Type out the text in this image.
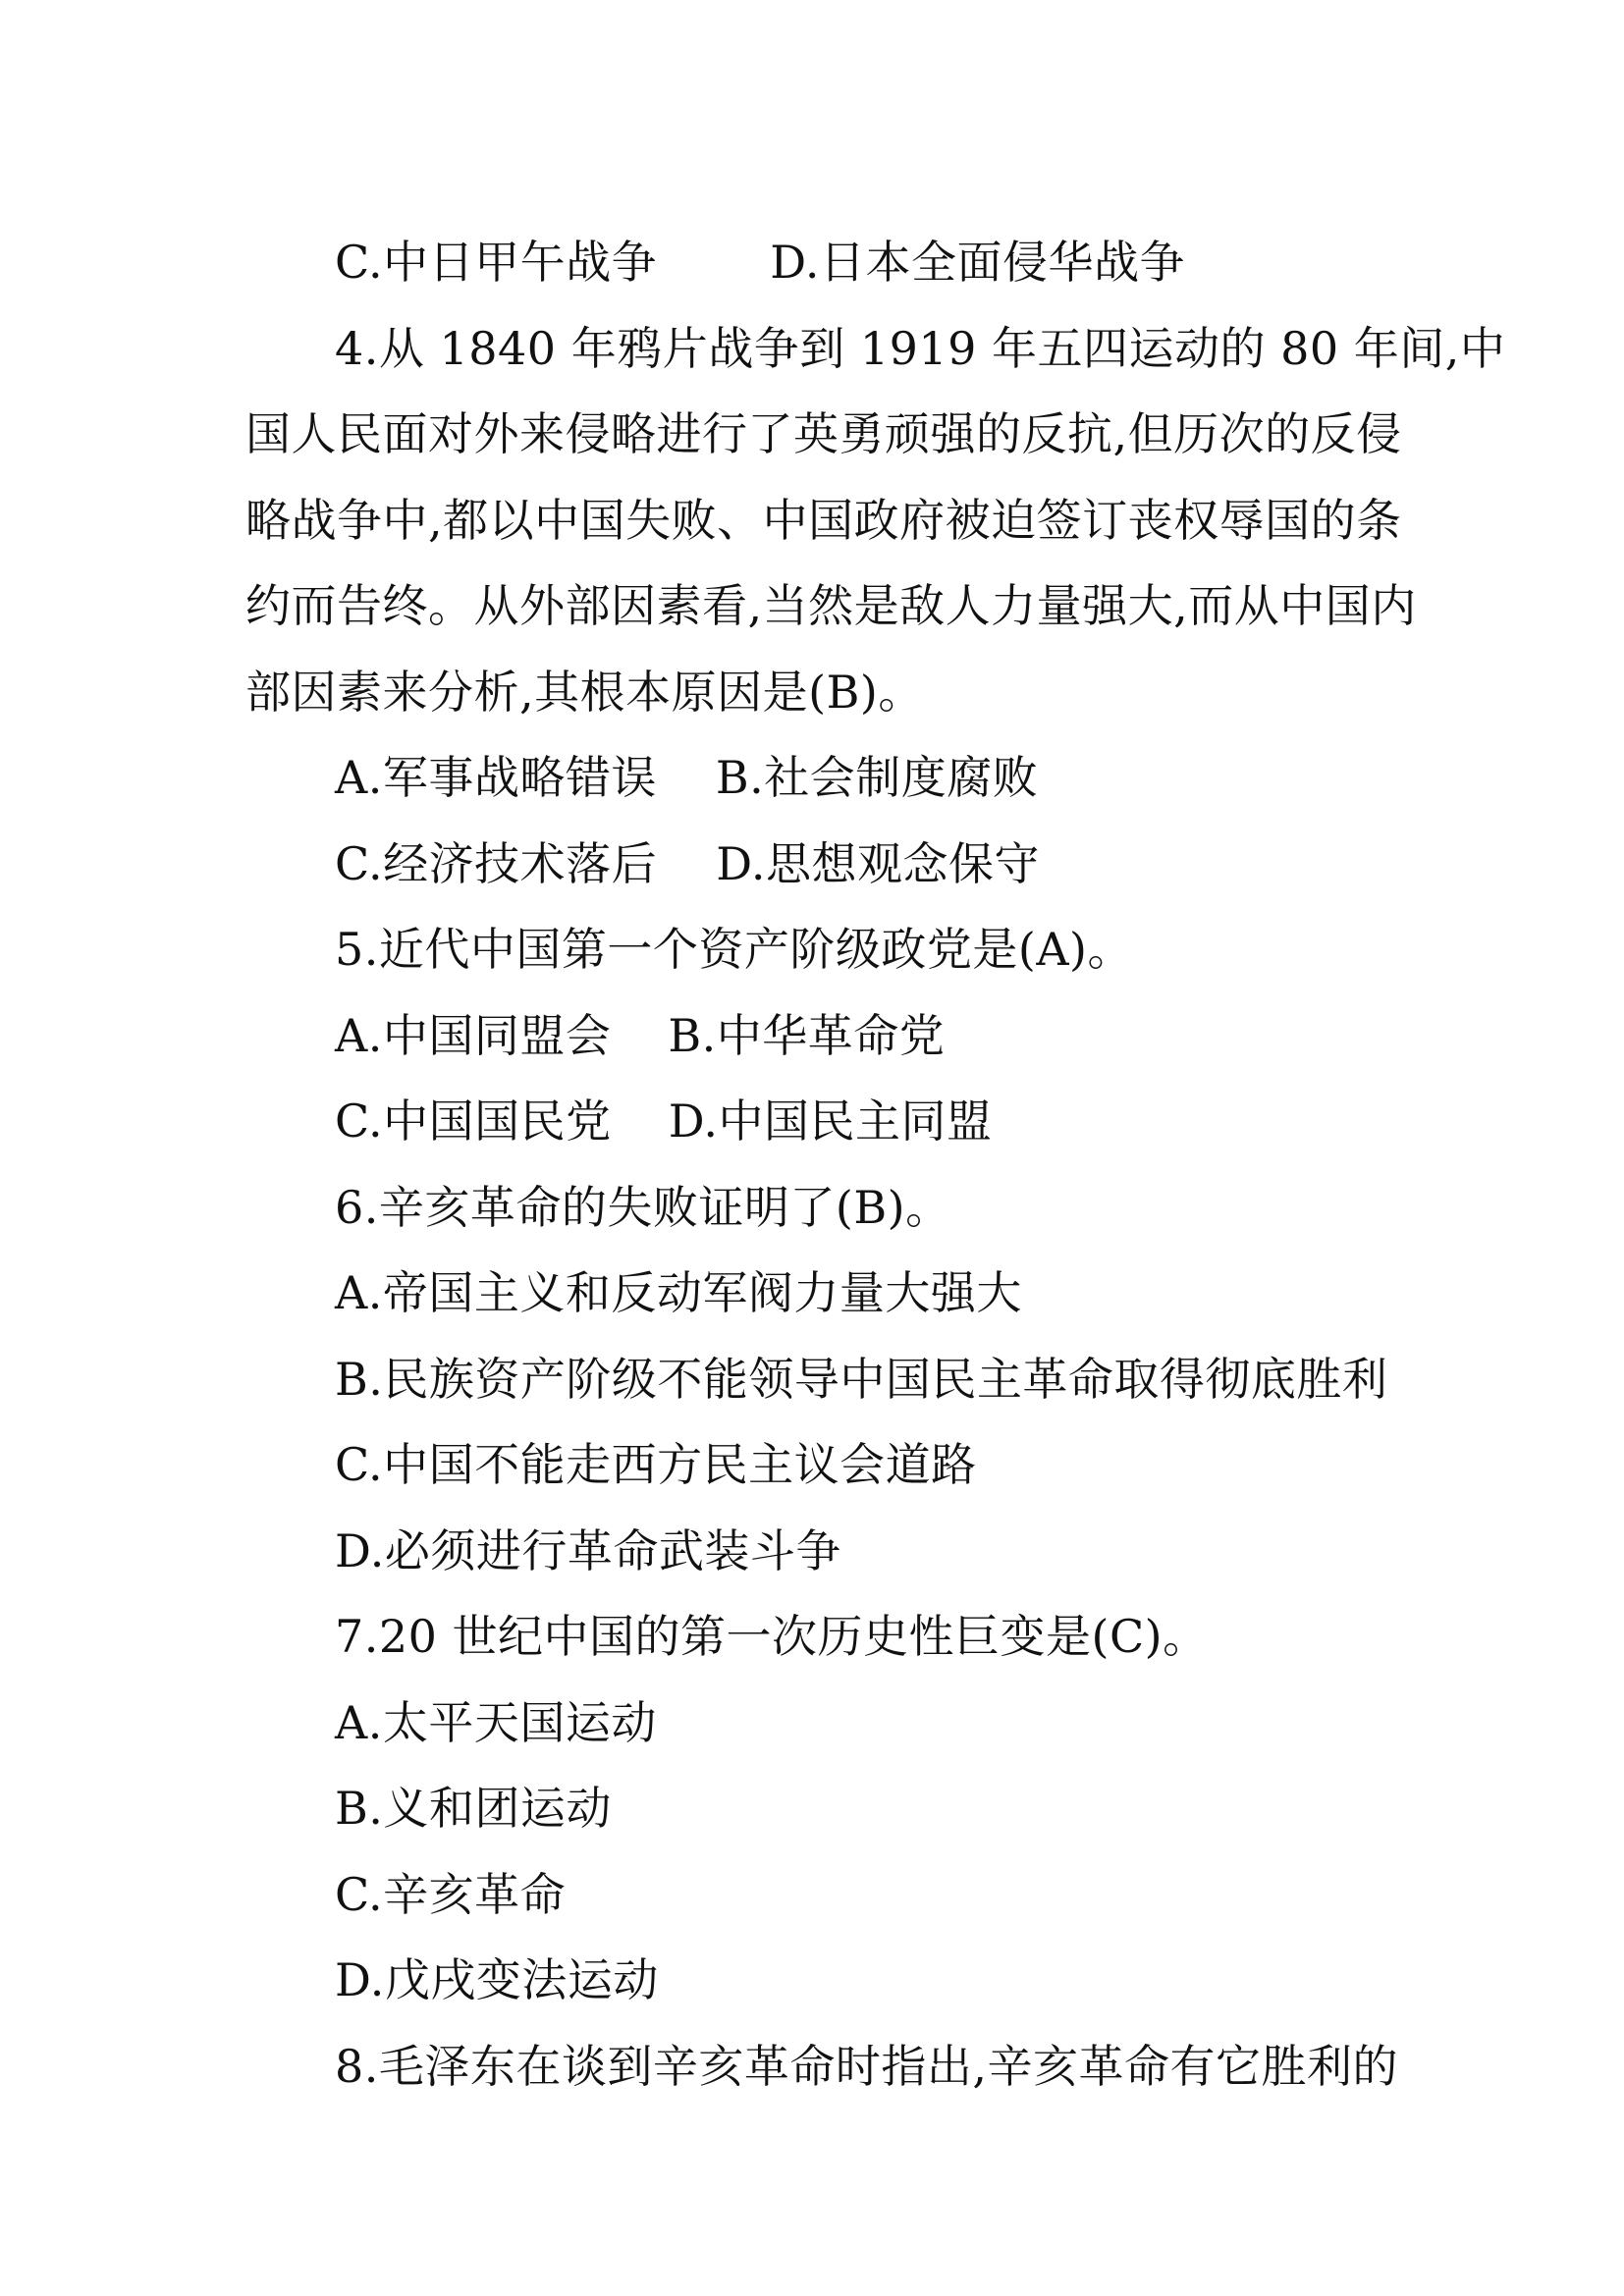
C.中日甲午战争	D.日本全面侵华战争
4.从 1840 年鸦片战争到 1919 年五四运动的 80 年间,中
国人民面对外来侵略进行了英勇顽强的反抗,但历次的反侵
略战争中,都以中国失败、中国政府被迫签订丧权辱国的条
约而告终。从外部因素看,当然是敌人力量强大,而从中国内
部因素来分析,其根本原因是(B)。
A.军事战略错误 B.社会制度腐败
C.经济技术落后 D.思想观念保守
5.近代中国第一个资产阶级政党是(A)。
A.中国同盟会 B.中华革命党
C.中国国民党 D.中国民主同盟
6.辛亥革命的失败证明了(B)。
A.帝国主义和反动军阀力量大强大
B.民族资产阶级不能领导中国民主革命取得彻底胜利
C.中国不能走西方民主议会道路
D.必须进行革命武装斗争
7.20 世纪中国的第一次历史性巨变是(C)。
A.太平天国运动
B.义和团运动
C.辛亥革命
D.戊戌变法运动
8.毛泽东在谈到辛亥革命时指出,辛亥革命有它胜利的
